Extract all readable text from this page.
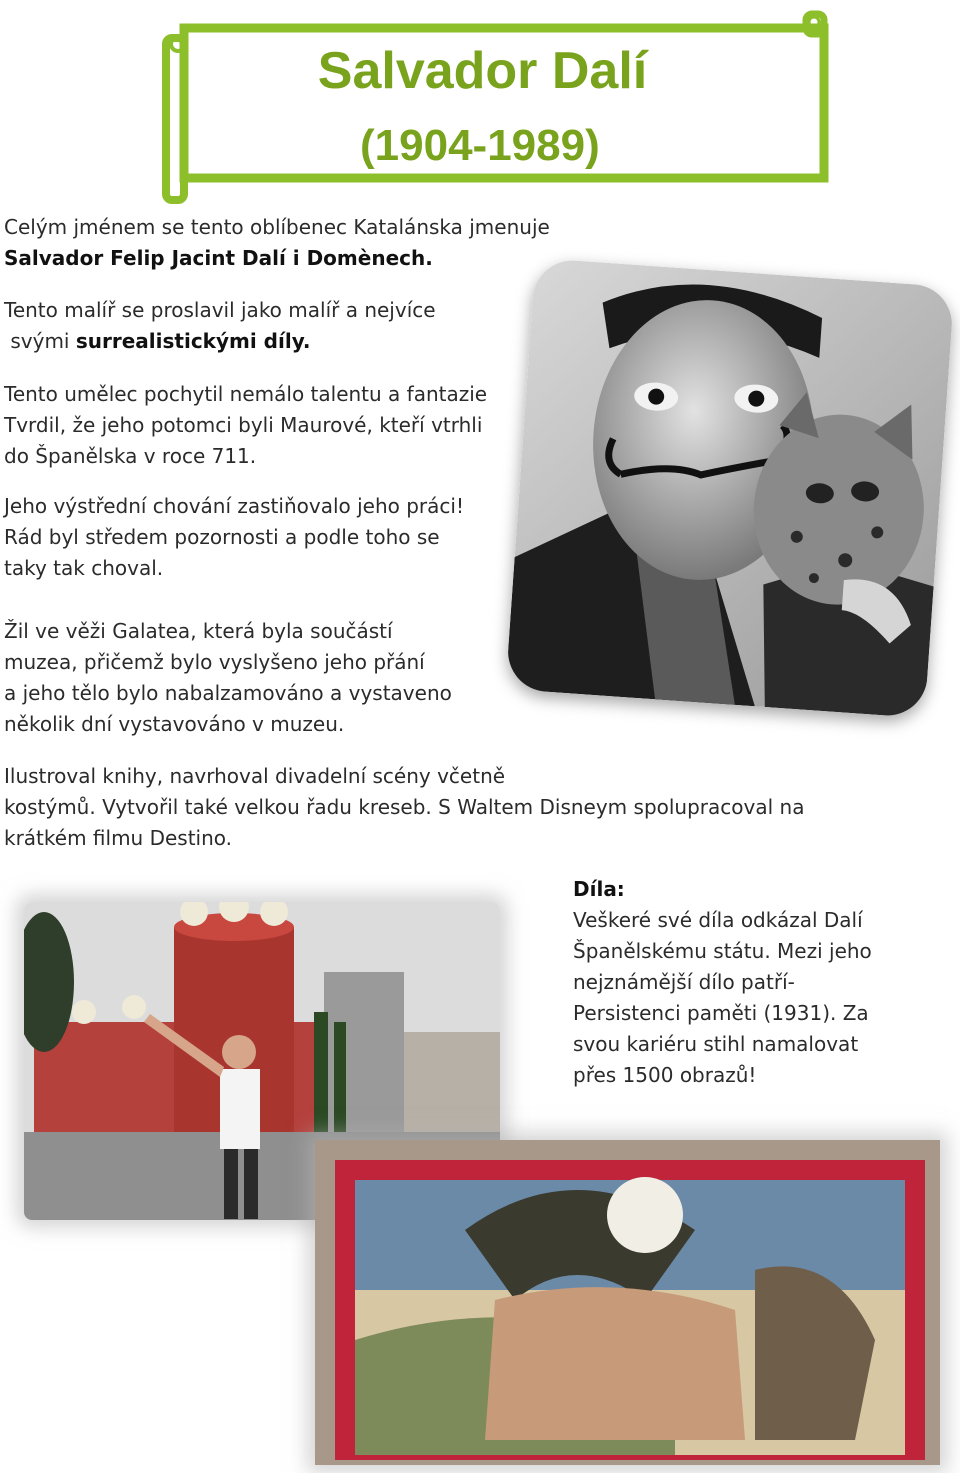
Salvador Dalí
(1904-1989)
Celým jménem se tento oblíbenec Katalánska jmenuje
Salvador Felip Jacint Dalí i Domènech.
Tento malíř se proslavil jako malíř a nejvíce
svými surrealistickými díly.
Tento umělec pochytil nemálo talentu a fantazie
Tvrdil, že jeho potomci byli Maurové, kteří vtrhli
do Španělska v roce 711.
Jeho výstřední chování zastiňovalo jeho práci!
Rád byl středem pozornosti a podle toho se
taky tak choval.
Žil ve věži Galatea, která byla součástí
muzea, přičemž bylo vyslyšeno jeho přání
a jeho tělo bylo nabalzamováno a vystaveno
několik dní vystavováno v muzeu.
Ilustroval knihy, navrhoval divadelní scény včetně
kostýmů. Vytvořil také velkou řadu kreseb. S Waltem Disneym spolupracoval na
krátkém filmu Destino.
Díla:
Veškeré své díla odkázal Dalí
Španělskému státu. Mezi jeho
nejznámější dílo patří-
Persistenci paměti (1931). Za
svou kariéru stihl namalovat
přes 1500 obrazů!
